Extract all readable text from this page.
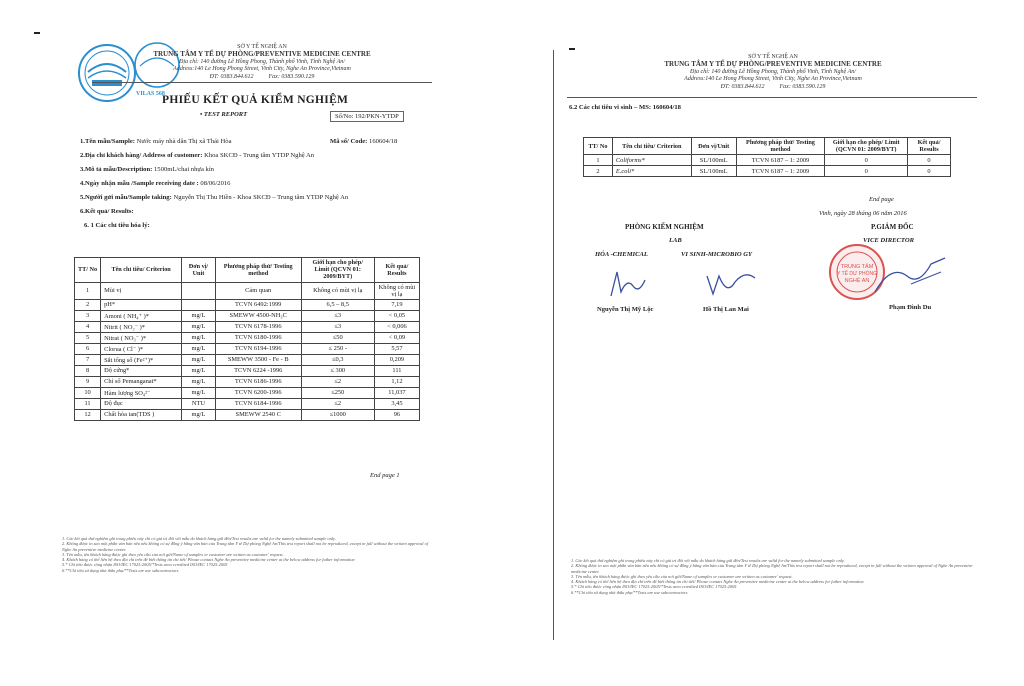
VILAS 568
SỞ Y TẾ NGHỆ AN
TRUNG TÂM Y TẾ DỰ PHÒNG/PREVENTIVE MEDICINE CENTRE
Địa chỉ: 140 đường Lê Hồng Phong, Thành phố Vinh, Tỉnh Nghệ An/
Address:140 Le Hong Phong Street, Vinh City, Nghe An Province,Vietnam
ĐT: 0383.844.612	Fax: 0383.590.129
PHIẾU KẾT QUẢ KIỂM NGHIỆM
• TEST REPORT	Số/No: 192/PKN-YTDP
1.Tên mẫu/Sample: Nước máy nhà dân Thị xã Thái Hòa	Mã số/ Code: 160604/18
2.Địa chỉ khách hàng/ Address of customer: Khoa SKCĐ - Trung tâm YTDP Nghệ An
3.Mô tả mẫu/Description: 1500mL/chai nhựa kín
4.Ngày nhận mẫu /Sample receiving date : 08/06/2016
5.Người gửi mẫu/Sample taking: Nguyễn Thị Thu Hiền - Khoa SKCĐ – Trung tâm YTDP Nghệ An
6.Kết quả/ Results:
6. 1 Các chỉ tiêu hóa lý:
TT/ No	Tên chỉ tiêu/ Criterion	Đơn vị/ Unit	Phương pháp thử/ Testing method	Giới hạn cho phép/ Limit (QCVN 01: 2009/BYT)	Kết quả/ Results
1	Mùi vị		Cảm quan	Không có mùi vị lạ	Không có mùi vị lạ
2	pH*		TCVN 6492:1999	6,5 – 8,5	7,19
3	Amoni ( NH₄⁺ )*	mg/L	SMEWW 4500-NH₃C	≤3	< 0,05
4	Nitrit ( NO₂⁻ )*	mg/L	TCVN 6178-1996	≤3	< 0,006
5	Nitrat ( NO₃⁻ )*	mg/L	TCVN 6180-1996	≤50	< 0,09
6	Clorua ( Cl⁻ )*	mg/L	TCVN 6194-1996	≤ 250 -	5,57
7	Sắt tổng số (Fe²⁺)*	mg/L	SMEWW 3500 - Fe - B	≤0,3	0,209
8	Độ cứng*	mg/L	TCVN 6224 -1996	≤ 300	111
9	Chỉ số Pemanganat*	mg/L	TCVN 6186-1996	≤2	1,12
10	Hàm lượng SO₄²⁻	mg/L	TCVN 6200-1996	≤250	11,037
11	Độ đục	NTU	TCVN 6184-1996	≤2	3,45
12	Chất hòa tan(TDS )	mg/L	SMEWW 2540 C	≤1000	96
End page 1
1. Các kết quả thử nghiệm ghi trong phiếu này chỉ có giá trị đối với mẫu do khách hàng gửi đến/Test results are valid for the namely submitted sample only.
2. Không được in sao một phần văn bản nếu nếu không có sự đồng ý bằng văn bản của Trung tâm Y tế Dự phòng Nghệ An/This test report shall not be reproduced, except in full without the written approval of Nghe An preventive medicine center.
3. Tên mẫu, tên khách hàng được ghi theo yêu cầu của nơi gửi/Name of samples or customer are written as customer' request.
4. Khách hàng có thể liên hệ theo địa chỉ trên để biết thông tin chi tiết/ Please contact Nghe An preventive medicine center at the below address for futher information
5.* Chỉ tiêu được công nhận ISO/IEC 17025:2005/*Tests area ccredited ISO/IEC 17025:2005
6.**Chỉ tiêu sử dụng nhà thầu phụ/**Tests are use subcontractors
SỞ Y TẾ NGHỆ AN
TRUNG TÂM Y TẾ DỰ PHÒNG/PREVENTIVE MEDICINE CENTRE
Địa chỉ: 140 đường Lê Hồng Phong, Thành phố Vinh, Tỉnh Nghệ An/
Address:140 Le Hong Phong Street, Vinh City, Nghe An Province,Vietnam
ĐT: 0383.844.612	Fax: 0383.590.129
6.2 Các chỉ tiêu vi sinh – MS: 160604/18
TT/ No	Tên chỉ tiêu/ Criterion	Đơn vị/Unit	Phương pháp thử/ Testing method	Giới hạn cho phép/ Limit (QCVN 01: 2009/BYT)	Kết quả/ Results
1	Coliforms*	SL/100mL	TCVN 6187 – 1: 2009	0	0
2	E.coli*	SL/100mL	TCVN 6187 – 1: 2009	0	0
End page
Vinh, ngày 28 tháng 06 năm 2016
PHÒNG KIỂM NGHIỆM
LAB
HÓA -CHEMICAL	VI SINH-MICROBIO GY
P.GIÁM ĐỐC
VICE DIRECTOR
TRUNG TÂM
Y TẾ DỰ PHÒNG
NGHỆ AN
Nguyễn Thị Mỹ Lộc	Hồ Thị Lan Mai	Phạm Đình Du
1. Các kết quả thử nghiệm ghi trong phiếu này chỉ có giá trị đối với mẫu do khách hàng gửi đến/Test results are valid for the namely submitted sample only.
2. Không được in sao một phần văn bản nếu nếu không có sự đồng ý bằng văn bản của Trung tâm Y tế Dự phòng Nghệ An/This test report shall not be reproduced, except in full without the written approval of Nghe An preventive medicine center.
3. Tên mẫu, tên khách hàng được ghi theo yêu cầu của nơi gửi/Name of samples or customer are written as customer' request.
4. Khách hàng có thể liên hệ theo địa chỉ trên để biết thông tin chi tiết/ Please contact Nghe An preventive medicine center at the below address for futher information
5.* Chỉ tiêu được công nhận ISO/IEC 17025:2005/*Tests area ccredited ISO/IEC 17025:2005
6.**Chỉ tiêu sử dụng nhà thầu phụ/**Tests are use subcontractors
